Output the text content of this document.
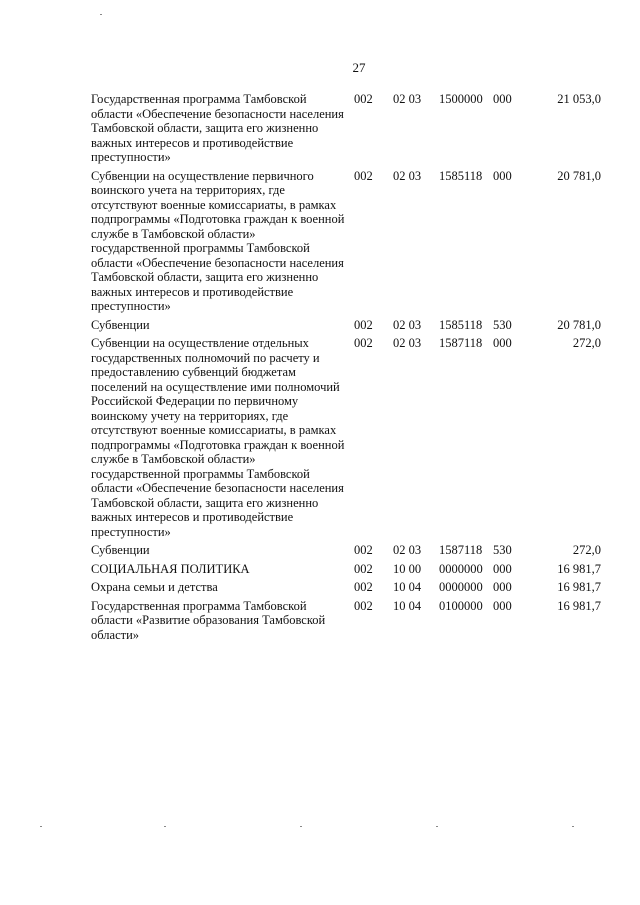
27
Государственная программа Тамбовской области «Обеспечение безопасности населения Тамбовской области, защита его жизненно важных интересов и противодействие преступности»	002	02 03	1500000	000	21 053,0
Субвенции на осуществление первичного воинского учета на территориях, где отсутствуют военные комиссариаты, в рамках подпрограммы «Подготовка граждан к военной службе в Тамбовской области» государственной программы Тамбовской области «Обеспечение безопасности населения Тамбовской области, защита его жизненно важных интересов и противодействие преступности»	002	02 03	1585118	000	20 781,0
Субвенции	002	02 03	1585118	530	20 781,0
Субвенции на осуществление отдельных государственных полномочий по расчету и предоставлению субвенций бюджетам поселений на осуществление ими полномочий Российской Федерации по первичному воинскому учету на территориях, где отсутствуют военные комиссариаты, в рамках подпрограммы «Подготовка граждан к военной службе в Тамбовской области» государственной программы Тамбовской области «Обеспечение безопасности населения Тамбовской области, защита его жизненно важных интересов и противодействие преступности»	002	02 03	1587118	000	272,0
Субвенции	002	02 03	1587118	530	272,0
СОЦИАЛЬНАЯ ПОЛИТИКА	002	10 00	0000000	000	16 981,7
Охрана семьи и детства	002	10 04	0000000	000	16 981,7
Государственная программа Тамбовской области «Развитие образования Тамбовской области»	002	10 04	0100000	000	16 981,7
